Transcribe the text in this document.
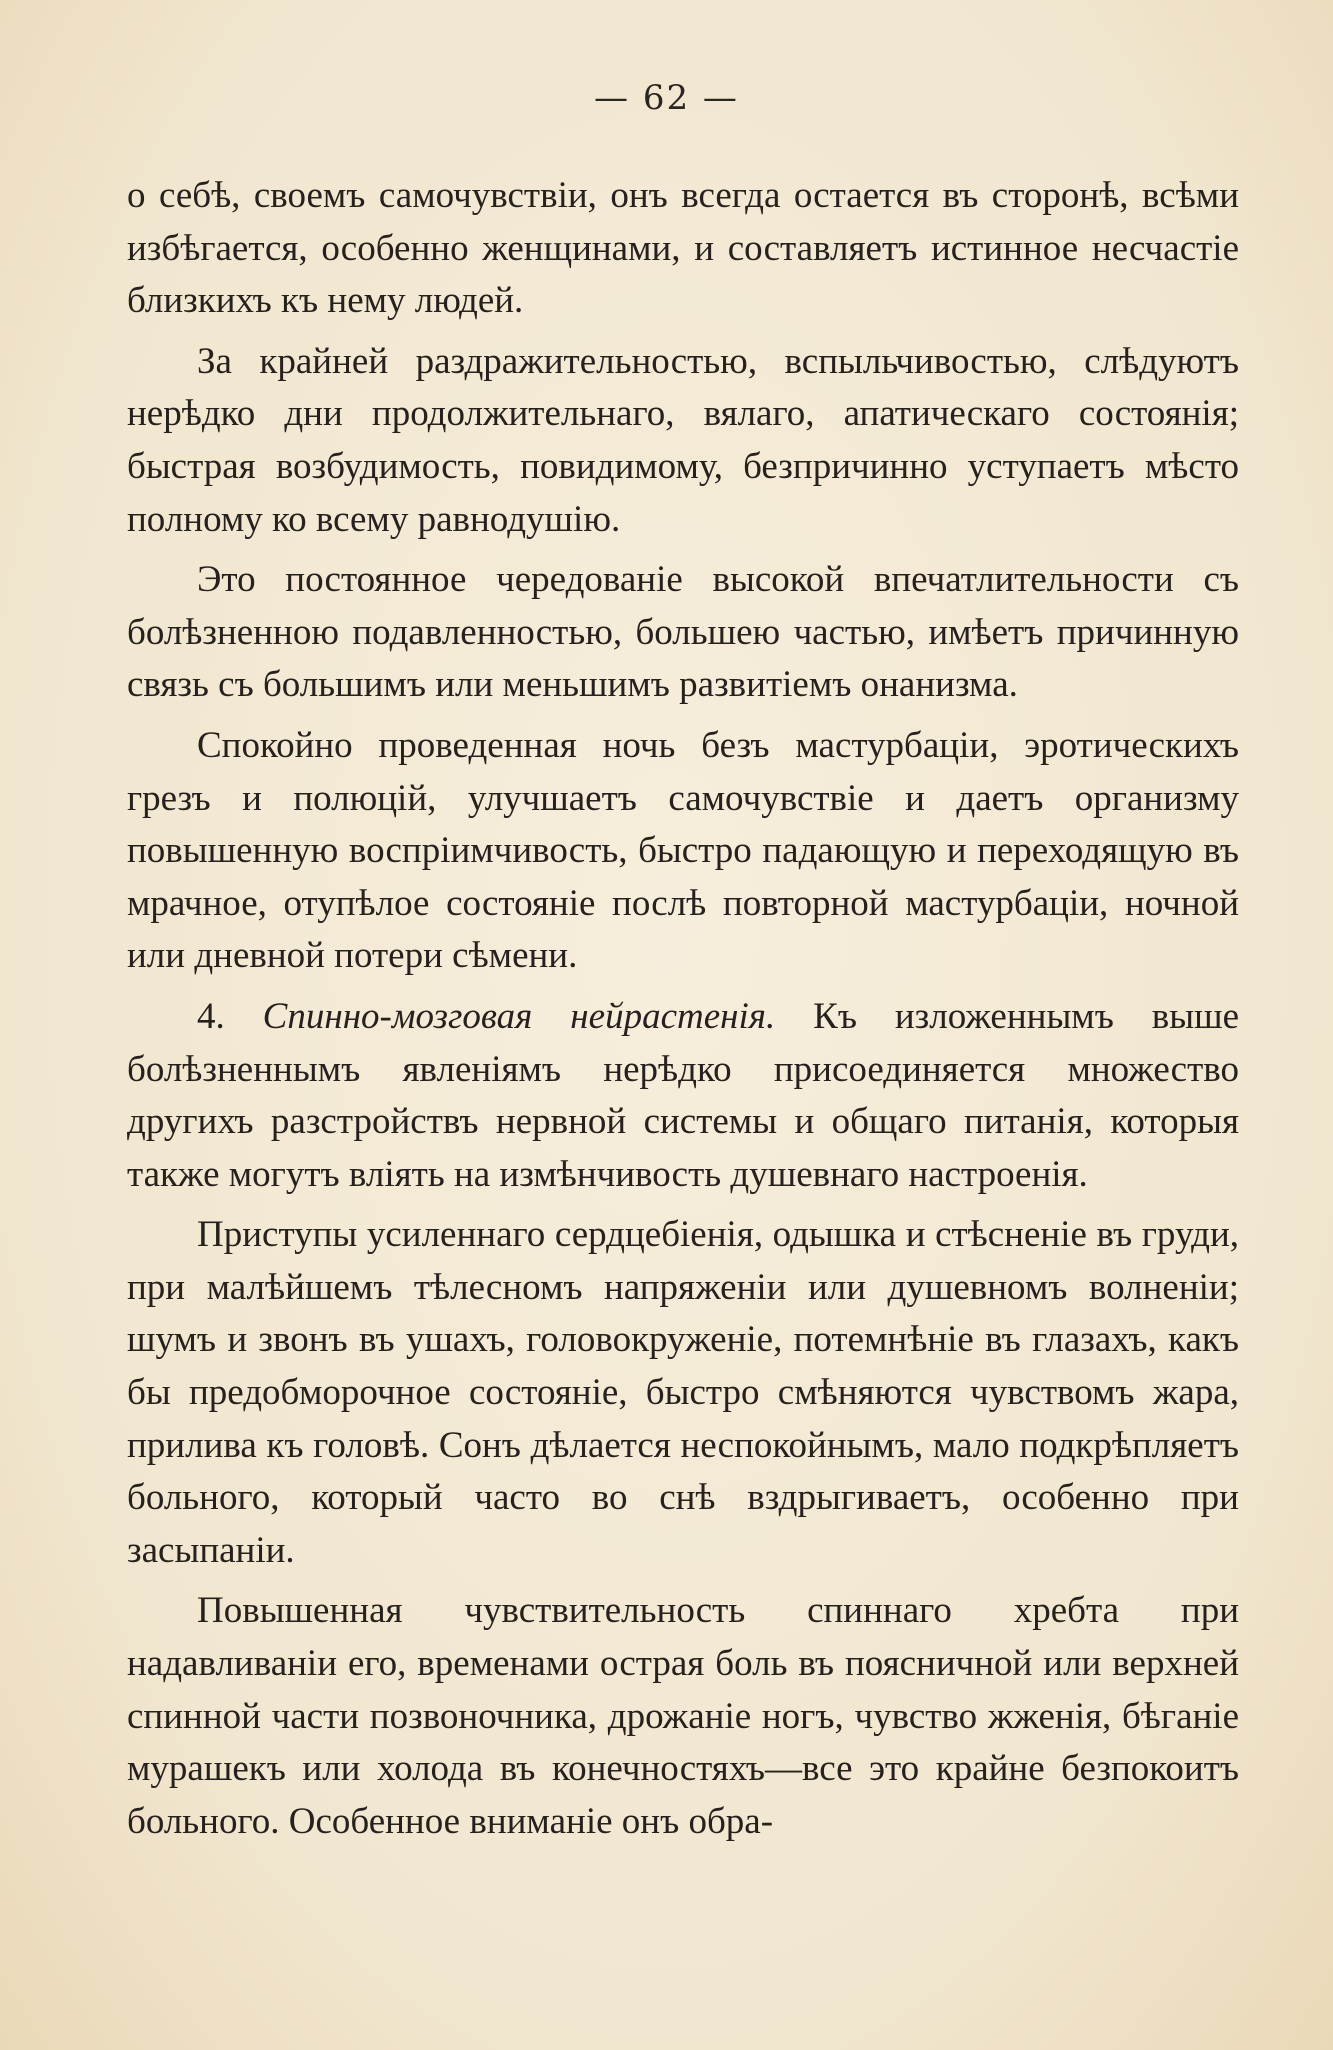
— 62 —

о себѣ, своемъ самочувствіи, онъ всегда остается въ сторонѣ, всѣми избѣгается, особенно женщинами, и составляетъ истинное несчастіе близкихъ къ нему людей.

За крайней раздражительностью, вспыльчивостью, слѣдуютъ нерѣдко дни продолжительнаго, вялаго, апатическаго состоянія; быстрая возбудимость, повидимому, безпричинно уступаетъ мѣсто полному ко всему равнодушію.

Это постоянное чередованіе высокой впечатлительности съ болѣзненною подавленностью, большею частью, имѣетъ причинную связь съ большимъ или меньшимъ развитіемъ онанизма.

Спокойно проведенная ночь безъ мастурбаціи, эротическихъ грезъ и полюцій, улучшаетъ самочувствіе и даетъ организму повышенную воспріимчивость, быстро падающую и переходящую въ мрачное, отупѣлое состояніе послѣ повторной мастурбаціи, ночной или дневной потери сѣмени.

4. Спинно-мозговая нейрастенія. Къ изложеннымъ выше болѣзненнымъ явленіямъ нерѣдко присоединяется множество другихъ разстройствъ нервной системы и общаго питанія, которыя также могутъ вліять на измѣнчивость душевнаго настроенія.

Приступы усиленнаго сердцебіенія, одышка и стѣсненіе въ груди, при малѣйшемъ тѣлесномъ напряженіи или душевномъ волненіи; шумъ и звонъ въ ушахъ, головокруженіе, потемнѣніе въ глазахъ, какъ бы предобморочное состояніе, быстро смѣняются чувствомъ жара, прилива къ головѣ. Сонъ дѣлается неспокойнымъ, мало подкрѣпляетъ больного, который часто во снѣ вздрыгиваетъ, особенно при засыпаніи.

Повышенная чувствительность спиннаго хребта при надавливаніи его, временами острая боль въ поясничной или верхней спинной части позвоночника, дрожаніе ногъ, чувство жженія, бѣганіе мурашекъ или холода въ конечностяхъ—все это крайне безпокоитъ больного. Особенное вниманіе онъ обра-
